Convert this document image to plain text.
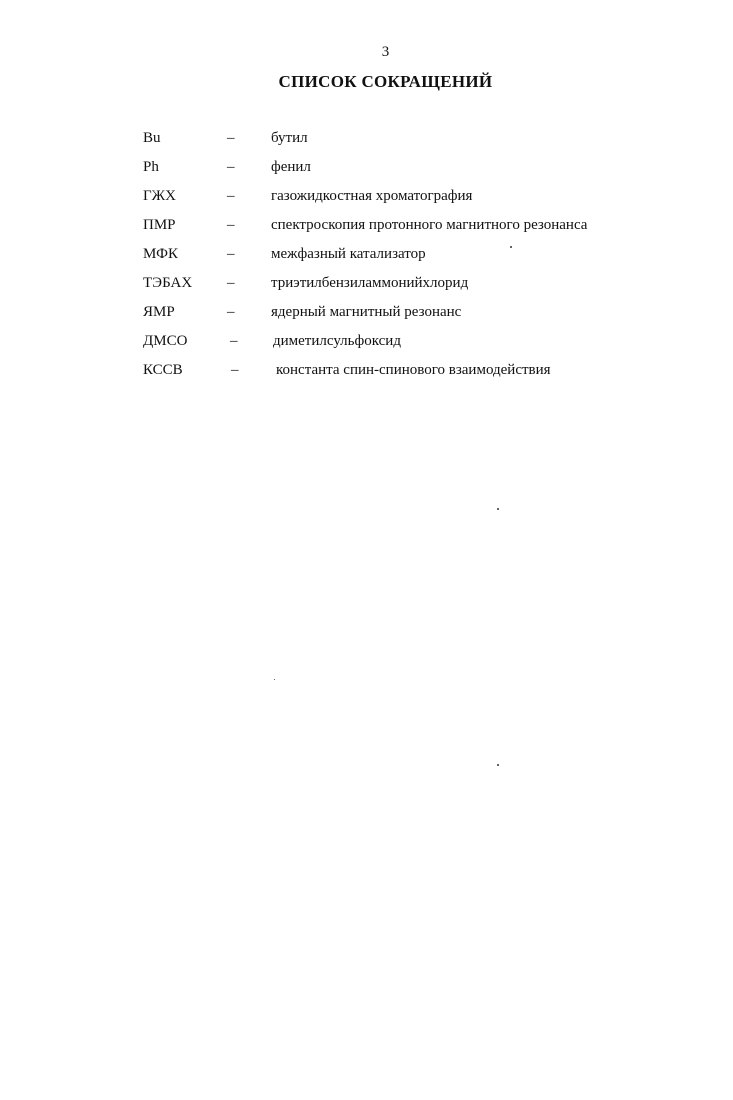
3
СПИСОК СОКРАЩЕНИЙ
Bu	– бутил
Ph	– фенил
ГЖХ	– газожидкостная хроматография
ПМР	– спектроскопия протонного магнитного резонанса
МФК	– межфазный катализатор
ТЭБАХ – триэтилбензиламмонийхлорид
ЯМР	– ядерный магнитный резонанс
ДМСО	– диметилсульфоксид
КССВ	–	константа спин-спинового взаимодействия
